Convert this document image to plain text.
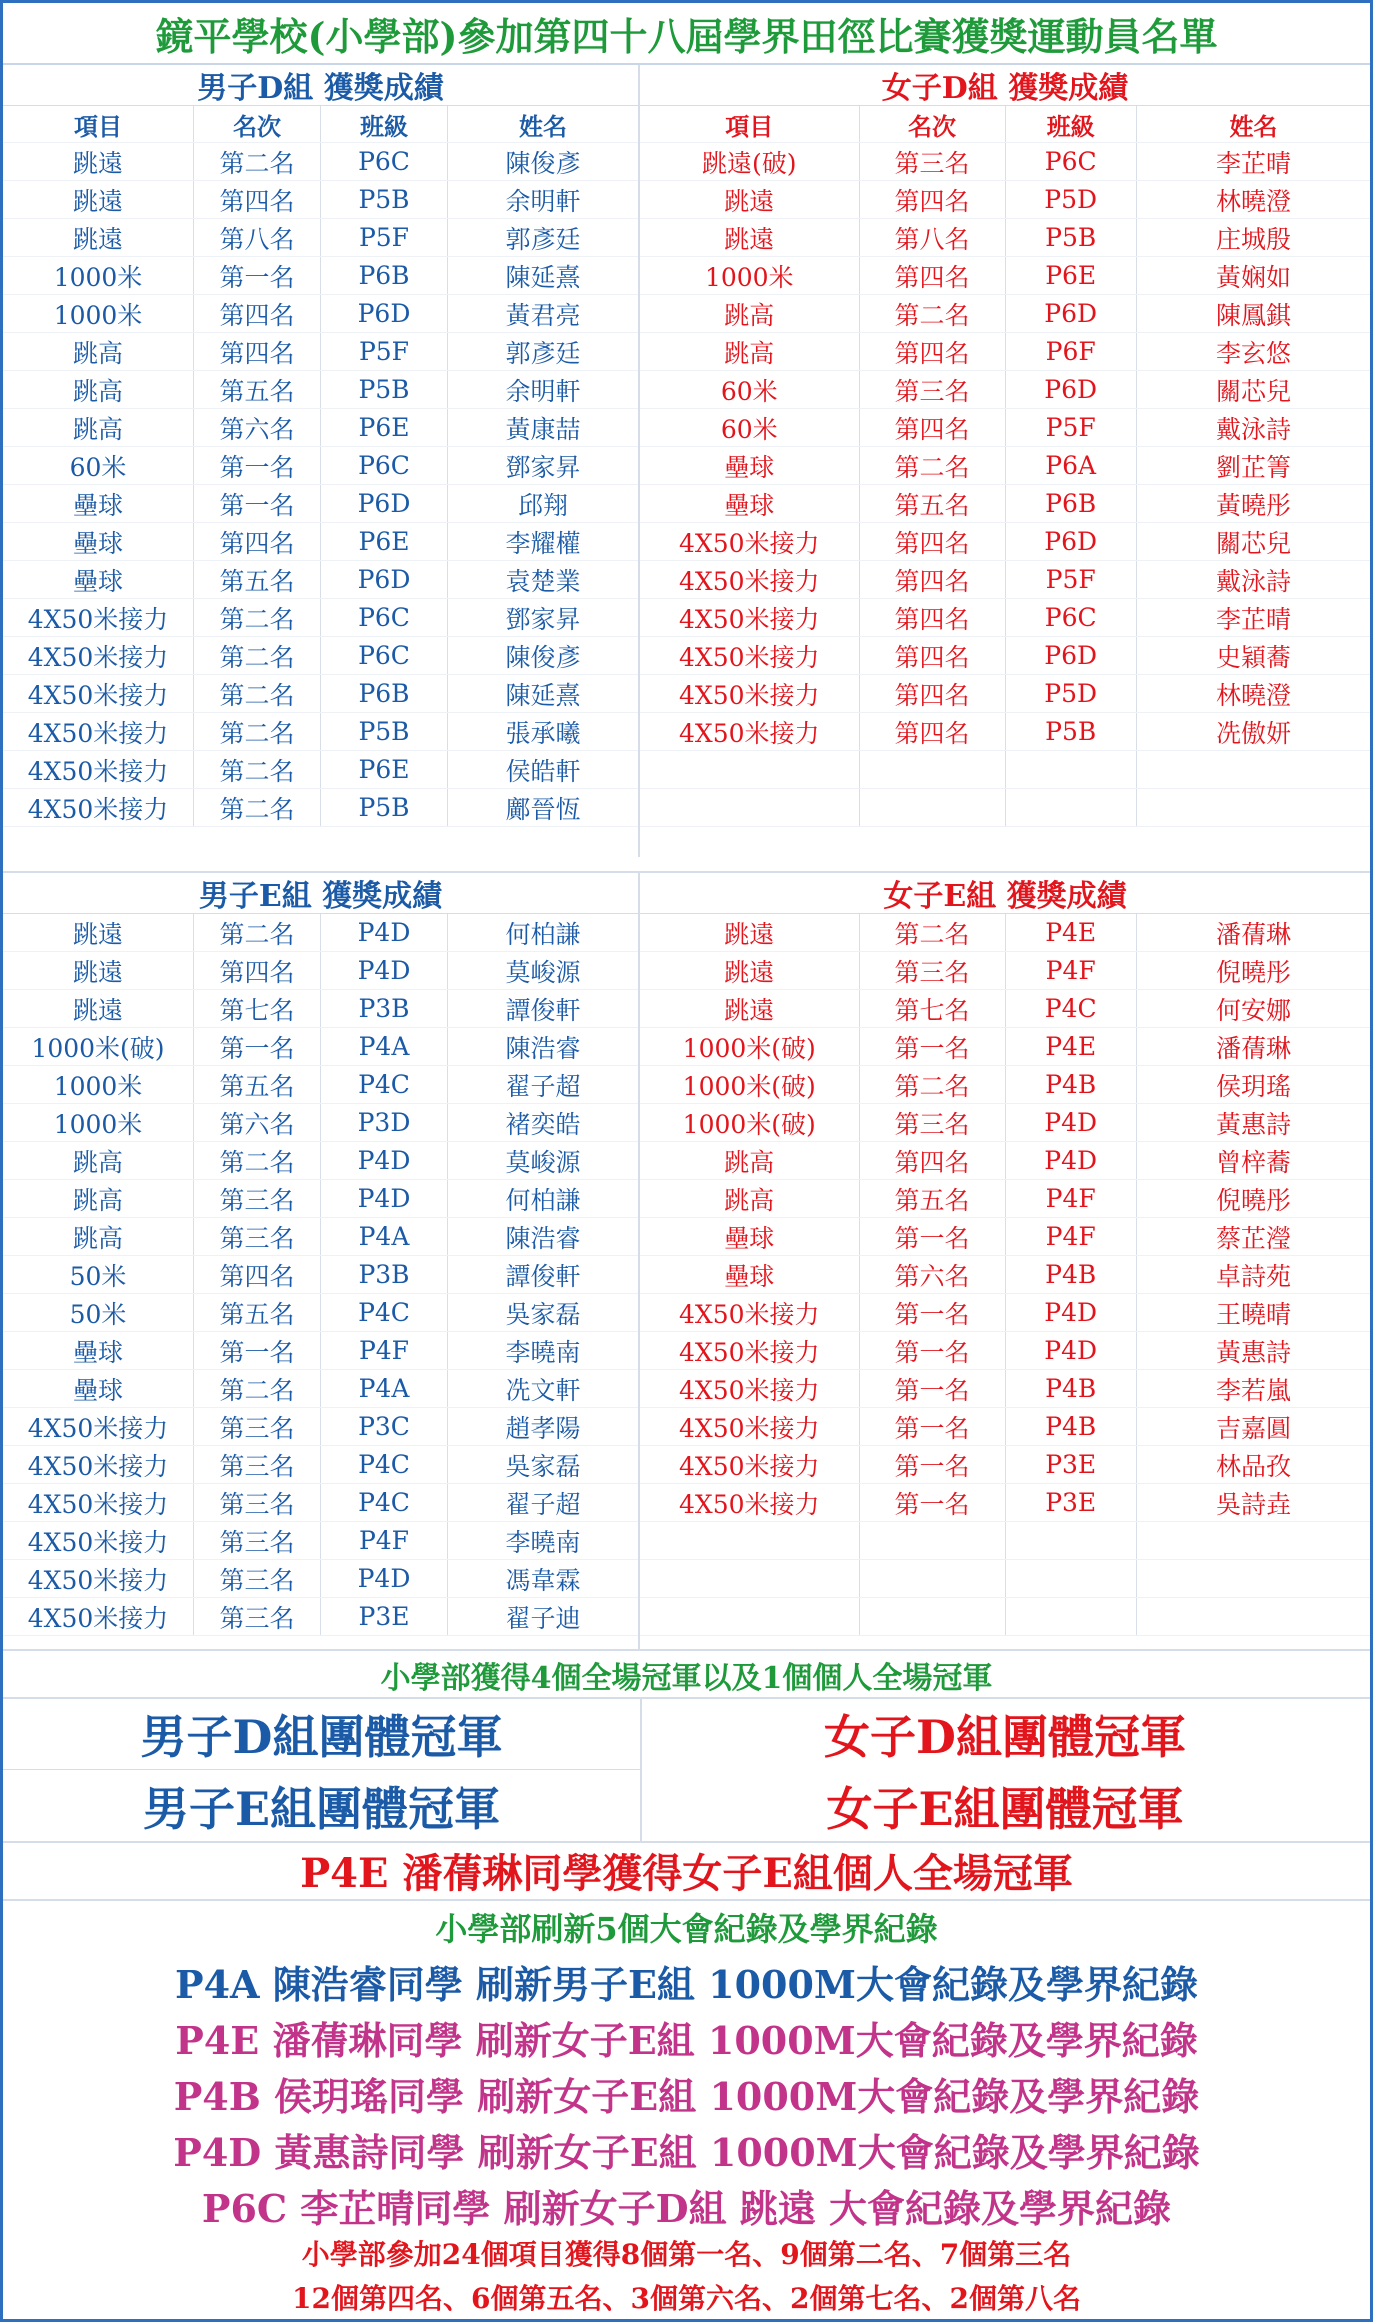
鏡平學校(小學部)參加第四十八屆學界田徑比賽獲獎運動員名單
男子D組 獲獎成績
項目	名次	班級	姓名
跳遠	第二名	P6C	陳俊彥
跳遠	第四名	P5B	余明軒
跳遠	第八名	P5F	郭彥廷
1000米	第一名	P6B	陳延熹
1000米	第四名	P6D	黃君亮
跳高	第四名	P5F	郭彥廷
跳高	第五名	P5B	余明軒
跳高	第六名	P6E	黃康喆
60米	第一名	P6C	鄧家昇
壘球	第一名	P6D	邱翔
壘球	第四名	P6E	李耀權
壘球	第五名	P6D	袁楚業
4X50米接力	第二名	P6C	鄧家昇
4X50米接力	第二名	P6C	陳俊彥
4X50米接力	第二名	P6B	陳延熹
4X50米接力	第二名	P5B	張承曦
4X50米接力	第二名	P6E	侯皓軒
4X50米接力	第二名	P5B	鄺晉恆
女子D組 獲獎成績
項目	名次	班級	姓名
跳遠(破)	第三名	P6C	李芷晴
跳遠	第四名	P5D	林曉澄
跳遠	第八名	P5B	庄城殷
1000米	第四名	P6E	黃娴如
跳高	第二名	P6D	陳鳳錤
跳高	第四名	P6F	李玄悠
60米	第三名	P6D	關芯兒
60米	第四名	P5F	戴泳詩
壘球	第二名	P6A	劉芷箐
壘球	第五名	P6B	黃曉彤
4X50米接力	第四名	P6D	關芯兒
4X50米接力	第四名	P5F	戴泳詩
4X50米接力	第四名	P6C	李芷晴
4X50米接力	第四名	P6D	史穎蕎
4X50米接力	第四名	P5D	林曉澄
4X50米接力	第四名	P5B	冼傲妍

男子E組 獲獎成績
跳遠	第二名	P4D	何柏謙
跳遠	第四名	P4D	莫峻源
跳遠	第七名	P3B	譚俊軒
1000米(破)	第一名	P4A	陳浩睿
1000米	第五名	P4C	翟子超
1000米	第六名	P3D	褚奕皓
跳高	第二名	P4D	莫峻源
跳高	第三名	P4D	何柏謙
跳高	第三名	P4A	陳浩睿
50米	第四名	P3B	譚俊軒
50米	第五名	P4C	吳家磊
壘球	第一名	P4F	李曉南
壘球	第二名	P4A	冼文軒
4X50米接力	第三名	P3C	趙孝陽
4X50米接力	第三名	P4C	吳家磊
4X50米接力	第三名	P4C	翟子超
4X50米接力	第三名	P4F	李曉南
4X50米接力	第三名	P4D	馮韋霖
4X50米接力	第三名	P3E	翟子迪
女子E組 獲獎成績
跳遠	第二名	P4E	潘蒨琳
跳遠	第三名	P4F	倪曉彤
跳遠	第七名	P4C	何安娜
1000米(破)	第一名	P4E	潘蒨琳
1000米(破)	第二名	P4B	侯玥瑤
1000米(破)	第三名	P4D	黃惠詩
跳高	第四名	P4D	曾梓蕎
跳高	第五名	P4F	倪曉彤
壘球	第一名	P4F	蔡芷瀅
壘球	第六名	P4B	卓詩苑
4X50米接力	第一名	P4D	王曉晴
4X50米接力	第一名	P4D	黃惠詩
4X50米接力	第一名	P4B	李若嵐
4X50米接力	第一名	P4B	吉嘉圓
4X50米接力	第一名	P3E	林品孜
4X50米接力	第一名	P3E	吳詩垚

小學部獲得4個全場冠軍以及1個個人全場冠軍
男子D組團體冠軍	女子D組團體冠軍
男子E組團體冠軍	女子E組團體冠軍
P4E 潘蒨琳同學獲得女子E組個人全場冠軍
小學部刷新5個大會紀錄及學界紀錄
P4A 陳浩睿同學 刷新男子E組 1000M大會紀錄及學界紀錄
P4E 潘蒨琳同學 刷新女子E組 1000M大會紀錄及學界紀錄
P4B 侯玥瑤同學 刷新女子E組 1000M大會紀錄及學界紀錄
P4D 黃惠詩同學 刷新女子E組 1000M大會紀錄及學界紀錄
P6C 李芷晴同學 刷新女子D組 跳遠 大會紀錄及學界紀錄
小學部參加24個項目獲得8個第一名、9個第二名、7個第三名
12個第四名、6個第五名、3個第六名、2個第七名、2個第八名
